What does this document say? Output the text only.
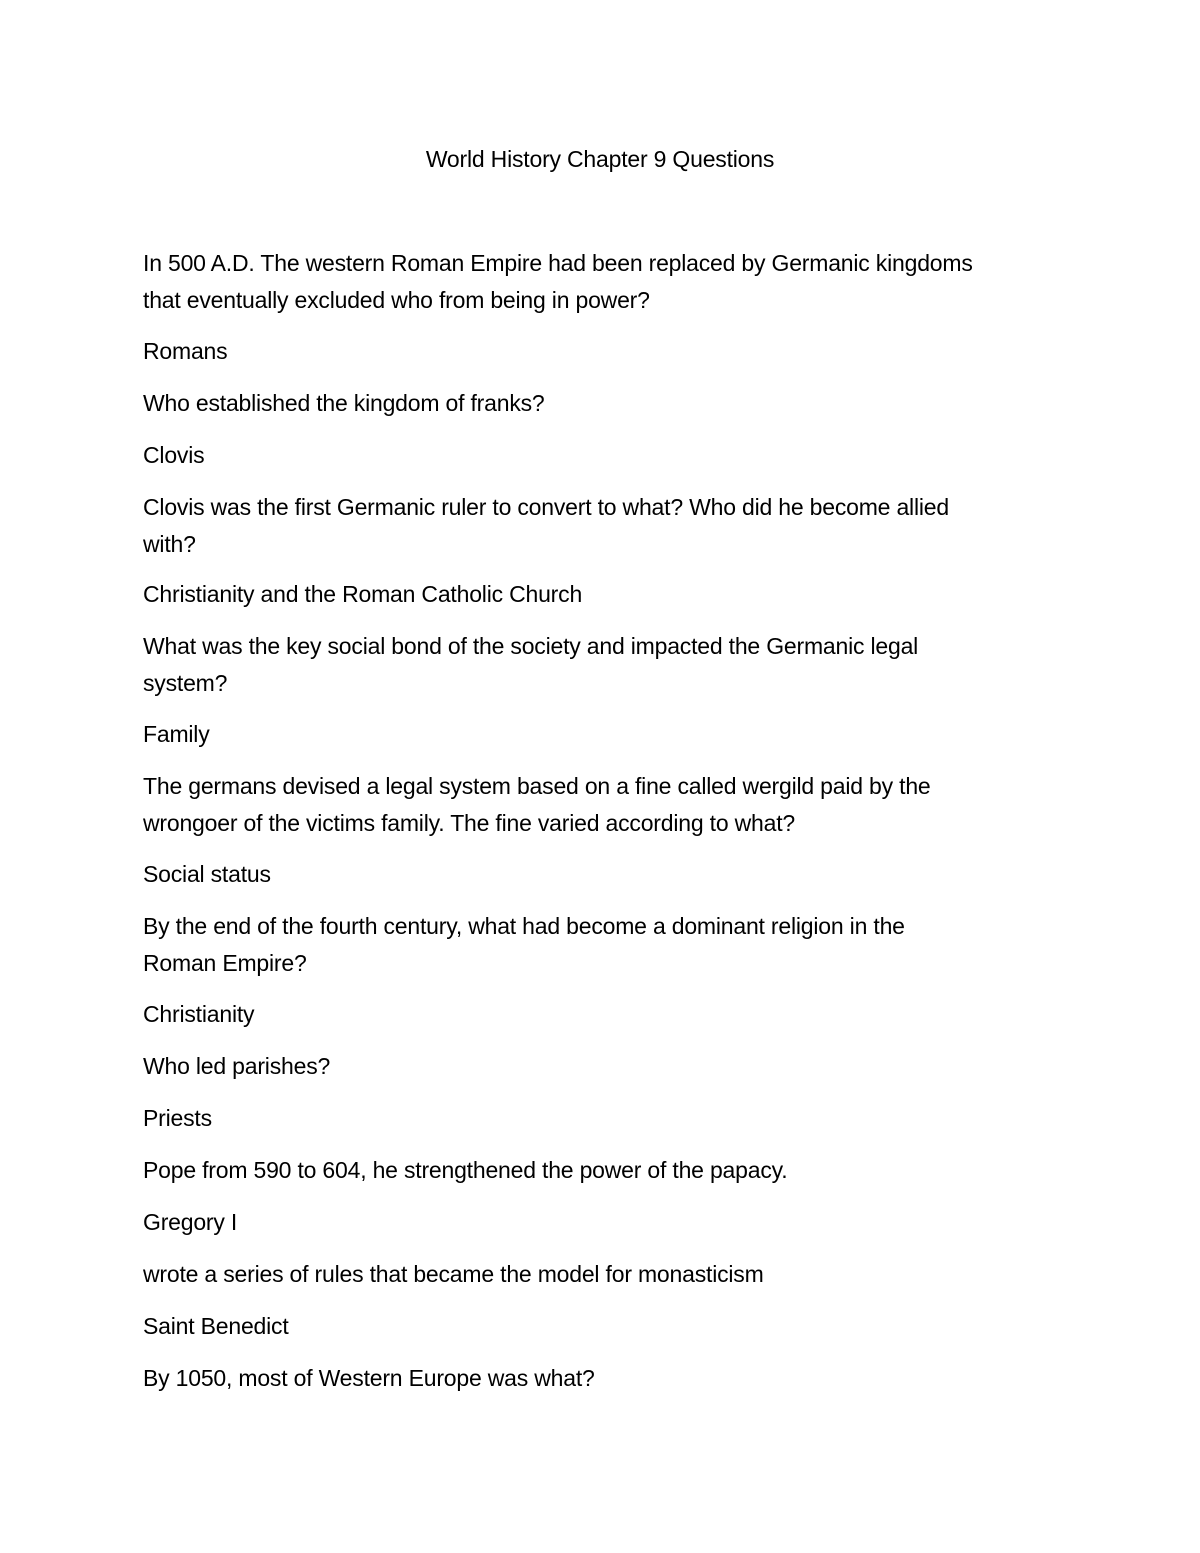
World History Chapter 9 Questions

In 500 A.D. The western Roman Empire had been replaced by Germanic kingdoms
that eventually excluded who from being in power?

Romans

Who established the kingdom of franks?

Clovis

Clovis was the first Germanic ruler to convert to what? Who did he become allied
with?

Christianity and the Roman Catholic Church

What was the key social bond of the society and impacted the Germanic legal
system?

Family

The germans devised a legal system based on a fine called wergild paid by the
wrongoer of the victims family. The fine varied according to what?

Social status

By the end of the fourth century, what had become a dominant religion in the
Roman Empire?

Christianity

Who led parishes?

Priests

Pope from 590 to 604, he strengthened the power of the papacy.

Gregory I

wrote a series of rules that became the model for monasticism

Saint Benedict

By 1050, most of Western Europe was what?
